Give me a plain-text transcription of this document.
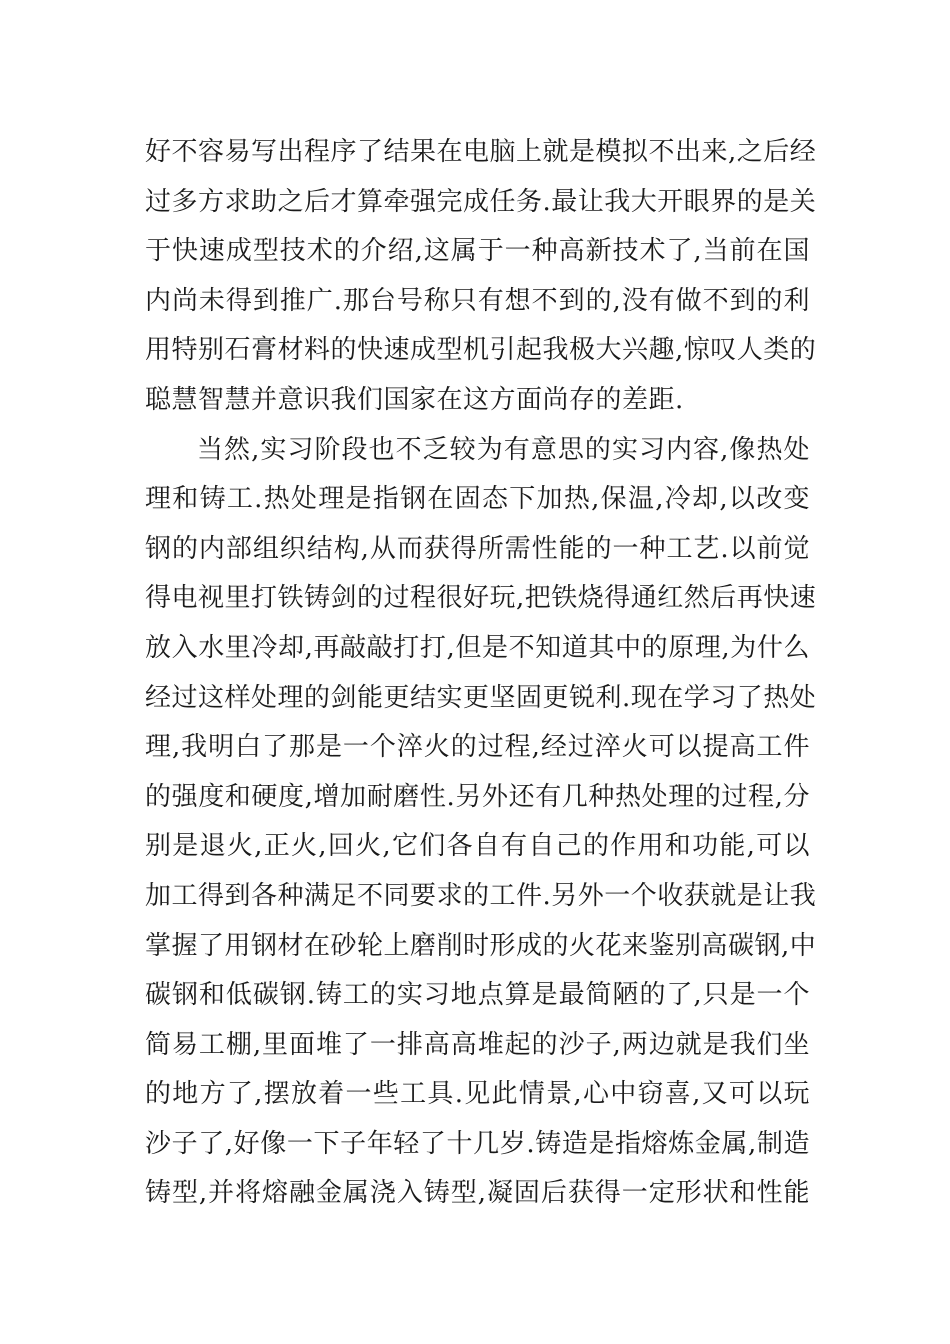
好不容易写出程序了结果在电脑上就是模拟不出来,之后经
过多方求助之后才算牵强完成任务.最让我大开眼界的是关
于快速成型技术的介绍,这属于一种高新技术了,当前在国
内尚未得到推广.那台号称只有想不到的,没有做不到的利
用特别石膏材料的快速成型机引起我极大兴趣,惊叹人类的
聪慧智慧并意识我们国家在这方面尚存的差距.
当然,实习阶段也不乏较为有意思的实习内容,像热处
理和铸工.热处理是指钢在固态下加热,保温,冷却,以改变
钢的内部组织结构,从而获得所需性能的一种工艺.以前觉
得电视里打铁铸剑的过程很好玩,把铁烧得通红然后再快速
放入水里冷却,再敲敲打打,但是不知道其中的原理,为什么
经过这样处理的剑能更结实更坚固更锐利.现在学习了热处
理,我明白了那是一个淬火的过程,经过淬火可以提高工件
的强度和硬度,增加耐磨性.另外还有几种热处理的过程,分
别是退火,正火,回火,它们各自有自己的作用和功能,可以
加工得到各种满足不同要求的工件.另外一个收获就是让我
掌握了用钢材在砂轮上磨削时形成的火花来鉴别高碳钢,中
碳钢和低碳钢.铸工的实习地点算是最简陋的了,只是一个
简易工棚,里面堆了一排高高堆起的沙子,两边就是我们坐
的地方了,摆放着一些工具.见此情景,心中窃喜,又可以玩
沙子了,好像一下子年轻了十几岁.铸造是指熔炼金属,制造
铸型,并将熔融金属浇入铸型,凝固后获得一定形状和性能
